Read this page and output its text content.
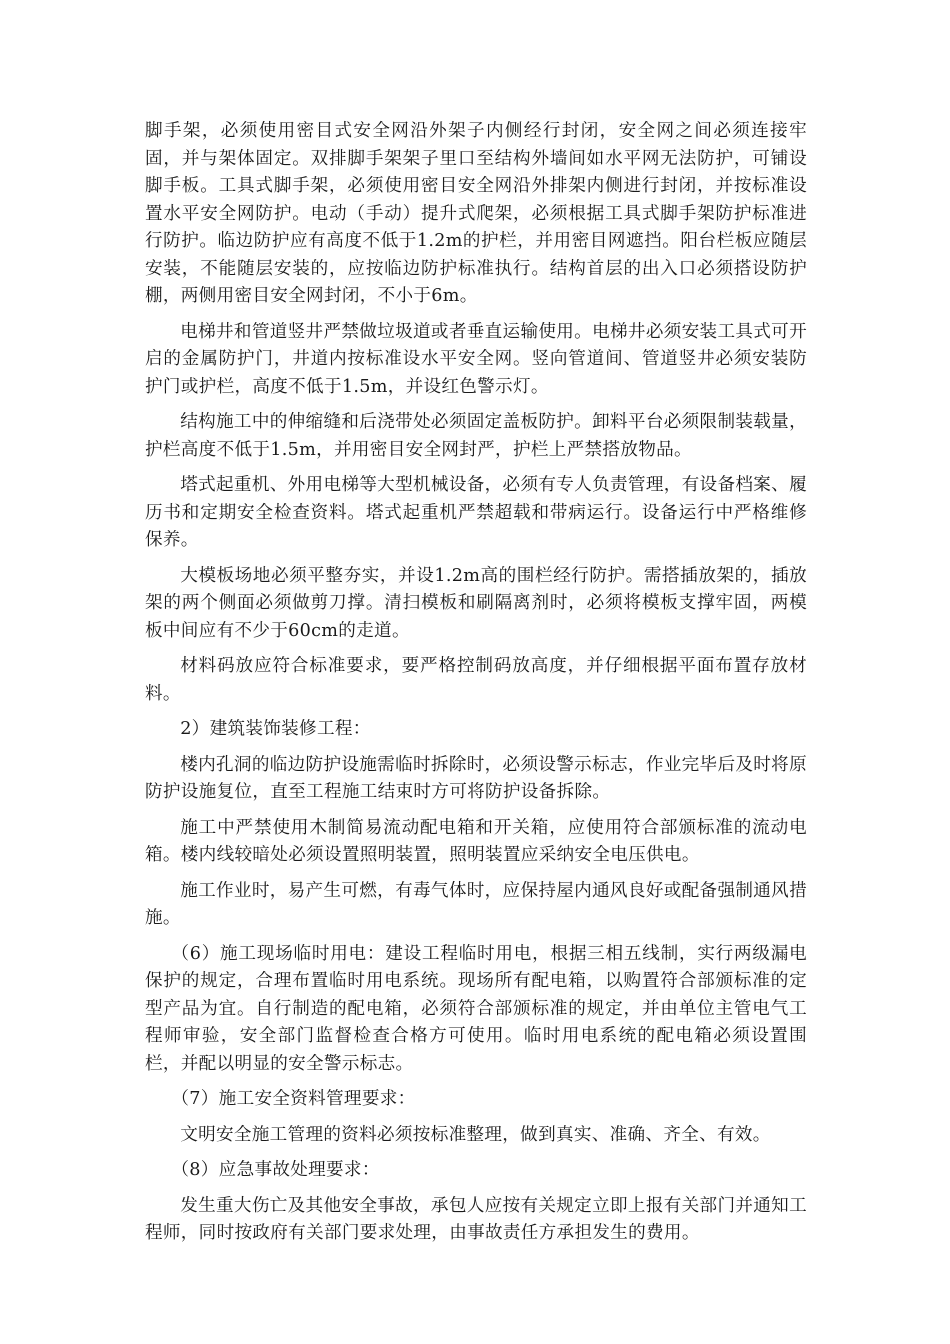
脚手架，必须使用密目式安全网沿外架子内侧经行封闭，安全网之间必须连接牢固，并与架体固定。双排脚手架架子里口至结构外墙间如水平网无法防护，可铺设脚手板。工具式脚手架，必须使用密目安全网沿外排架内侧进行封闭，并按标准设置水平安全网防护。电动（手动）提升式爬架，必须根据工具式脚手架防护标准进行防护。临边防护应有高度不低于1.2m的护栏，并用密目网遮挡。阳台栏板应随层安装，不能随层安装的，应按临边防护标准执行。结构首层的出入口必须搭设防护棚，两侧用密目安全网封闭，不小于6m。

电梯井和管道竖井严禁做垃圾道或者垂直运输使用。电梯井必须安装工具式可开启的金属防护门，井道内按标准设水平安全网。竖向管道间、管道竖井必须安装防护门或护栏，高度不低于1.5m，并设红色警示灯。

结构施工中的伸缩缝和后浇带处必须固定盖板防护。卸料平台必须限制装载量，护栏高度不低于1.5m，并用密目安全网封严，护栏上严禁搭放物品。

塔式起重机、外用电梯等大型机械设备，必须有专人负责管理，有设备档案、履历书和定期安全检查资料。塔式起重机严禁超载和带病运行。设备运行中严格维修保养。

大模板场地必须平整夯实，并设1.2m高的围栏经行防护。需搭插放架的，插放架的两个侧面必须做剪刀撑。清扫模板和刷隔离剂时，必须将模板支撑牢固，两模板中间应有不少于60cm的走道。

材料码放应符合标准要求，要严格控制码放高度，并仔细根据平面布置存放材料。

2）建筑装饰装修工程：

楼内孔洞的临边防护设施需临时拆除时，必须设警示标志，作业完毕后及时将原防护设施复位，直至工程施工结束时方可将防护设备拆除。

施工中严禁使用木制简易流动配电箱和开关箱，应使用符合部颁标准的流动电箱。楼内线较暗处必须设置照明装置，照明装置应采纳安全电压供电。

施工作业时，易产生可燃，有毒气体时，应保持屋内通风良好或配备强制通风措施。

（6）施工现场临时用电：建设工程临时用电，根据三相五线制，实行两级漏电保护的规定，合理布置临时用电系统。现场所有配电箱，以购置符合部颁标准的定型产品为宜。自行制造的配电箱，必须符合部颁标准的规定，并由单位主管电气工程师审验，安全部门监督检查合格方可使用。临时用电系统的配电箱必须设置围栏，并配以明显的安全警示标志。

（7）施工安全资料管理要求：

文明安全施工管理的资料必须按标准整理，做到真实、准确、齐全、有效。

（8）应急事故处理要求：

发生重大伤亡及其他安全事故，承包人应按有关规定立即上报有关部门并通知工程师，同时按政府有关部门要求处理，由事故责任方承担发生的费用。
